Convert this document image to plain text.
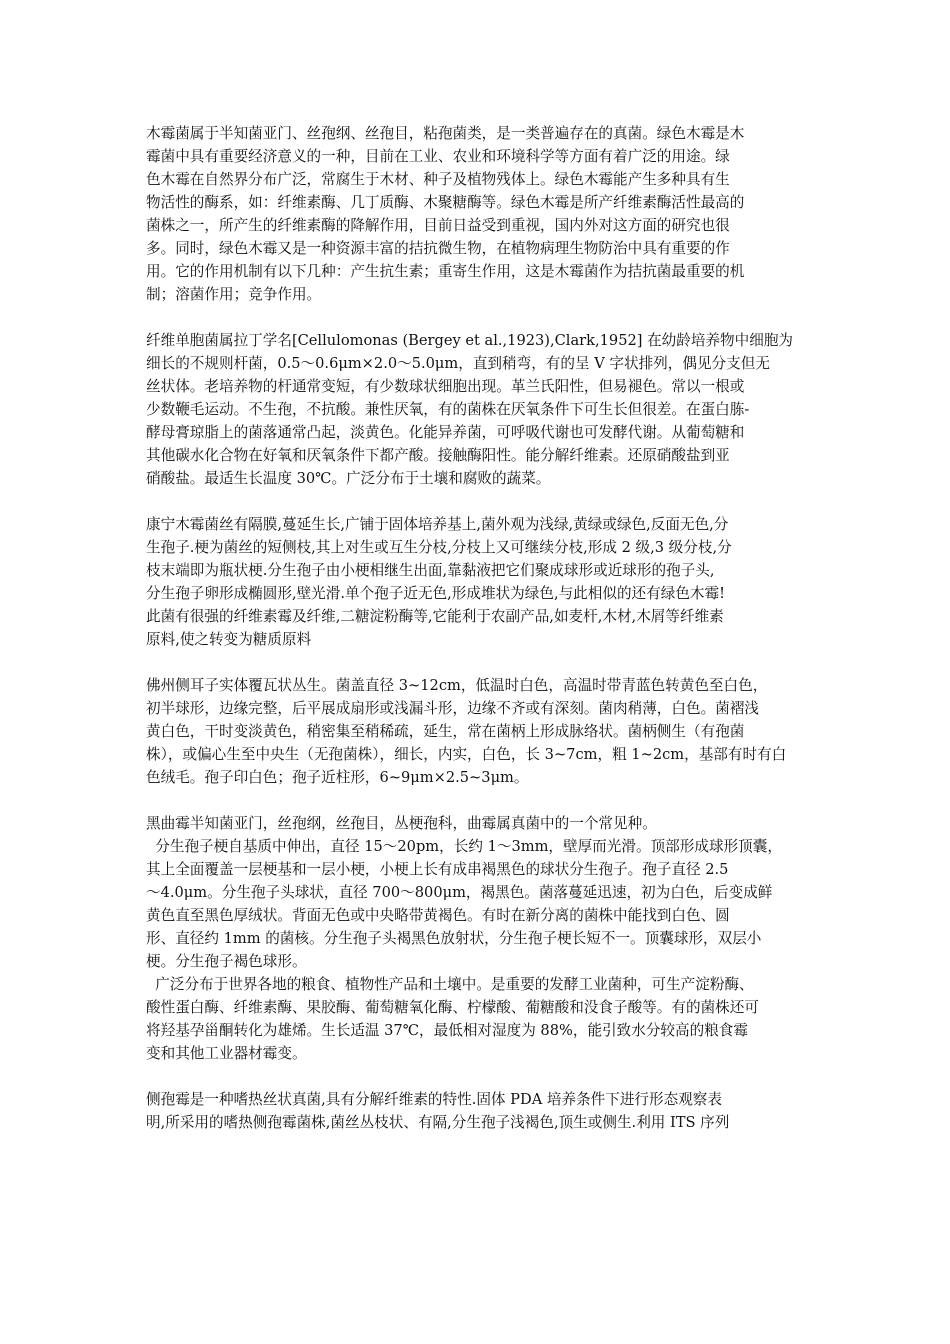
木霉菌属于半知菌亚门、丝孢纲、丝孢目，粘孢菌类，是一类普遍存在的真菌。绿色木霉是木
霉菌中具有重要经济意义的一种，目前在工业、农业和环境科学等方面有着广泛的用途。绿
色木霉在自然界分布广泛，常腐生于木材、种子及植物残体上。绿色木霉能产生多种具有生
物活性的酶系，如：纤维素酶、几丁质酶、木聚糖酶等。绿色木霉是所产纤维素酶活性最高的
菌株之一，所产生的纤维素酶的降解作用，目前日益受到重视，国内外对这方面的研究也很
多。同时，绿色木霉又是一种资源丰富的拮抗微生物，在植物病理生物防治中具有重要的作
用。它的作用机制有以下几种：产生抗生素；重寄生作用，这是木霉菌作为拮抗菌最重要的机
制；溶菌作用；竞争作用。
纤维单胞菌属拉丁学名[Cellulomonas (Bergey et al.,1923),Clark,1952] 在幼龄培养物中细胞为
细长的不规则杆菌，0.5～0.6μm×2.0～5.0μm，直到稍弯，有的呈 V 字状排列，偶见分支但无
丝状体。老培养物的杆通常变短，有少数球状细胞出现。革兰氏阳性，但易褪色。常以一根或
少数鞭毛运动。不生孢，不抗酸。兼性厌氧，有的菌株在厌氧条件下可生长但很差。在蛋白胨-
酵母膏琼脂上的菌落通常凸起，淡黄色。化能异养菌，可呼吸代谢也可发酵代谢。从葡萄糖和
其他碳水化合物在好氧和厌氧条件下都产酸。接触酶阳性。能分解纤维素。还原硝酸盐到亚
硝酸盐。最适生长温度 30℃。广泛分布于土壤和腐败的蔬菜。
康宁木霉菌丝有隔膜,蔓延生长,广铺于固体培养基上,菌外观为浅绿,黄绿或绿色,反面无色,分
生孢子.梗为菌丝的短侧枝,其上对生或互生分枝,分枝上又可继续分枝,形成 2 级,3 级分枝,分
枝末端即为瓶状梗.分生孢子由小梗相继生出面,靠黏液把它们聚成球形或近球形的孢子头,
分生孢子卵形成椭圆形,壁光滑.单个孢子近无色,形成堆状为绿色,与此相似的还有绿色木霉!
此菌有很强的纤维素霉及纤维,二糖淀粉酶等,它能利于农副产品,如麦杆,木材,木屑等纤维素
原料,使之转变为糖质原料
佛州侧耳子实体覆瓦状丛生。菌盖直径 3~12cm，低温时白色，高温时带青蓝色转黄色至白色，
初半球形，边缘完整，后平展成扇形或浅漏斗形，边缘不齐或有深刻。菌肉稍薄，白色。菌褶浅
黄白色，干时变淡黄色，稍密集至稍稀疏，延生，常在菌柄上形成脉络状。菌柄侧生（有孢菌
株），或偏心生至中央生（无孢菌株），细长，内实，白色，长 3~7cm，粗 1~2cm，基部有时有白
色绒毛。孢子印白色；孢子近柱形，6~9μm×2.5~3μm。
黑曲霉半知菌亚门，丝孢纲，丝孢目，丛梗孢科，曲霉属真菌中的一个常见种。
分生孢子梗自基质中伸出，直径 15～20pm，长约 1～3mm，壁厚而光滑。顶部形成球形顶囊，
其上全面覆盖一层梗基和一层小梗，小梗上长有成串褐黑色的球状分生孢子。孢子直径 2.5
～4.0μm。分生孢子头球状，直径 700～800μm，褐黑色。菌落蔓延迅速，初为白色，后变成鲜
黄色直至黑色厚绒状。背面无色或中央略带黄褐色。有时在新分离的菌株中能找到白色、圆
形、直径约 1mm 的菌核。分生孢子头褐黑色放射状，分生孢子梗长短不一。顶囊球形，双层小
梗。分生孢子褐色球形。
广泛分布于世界各地的粮食、植物性产品和土壤中。是重要的发酵工业菌种，可生产淀粉酶、
酸性蛋白酶、纤维素酶、果胶酶、葡萄糖氧化酶、柠檬酸、葡糖酸和没食子酸等。有的菌株还可
将羟基孕甾酮转化为雄烯。生长适温 37℃，最低相对湿度为 88%，能引致水分较高的粮食霉
变和其他工业器材霉变。
侧孢霉是一种嗜热丝状真菌,具有分解纤维素的特性.固体 PDA 培养条件下进行形态观察表
明,所采用的嗜热侧孢霉菌株,菌丝丛枝状、有隔,分生孢子浅褐色,顶生或侧生.利用 ITS 序列
